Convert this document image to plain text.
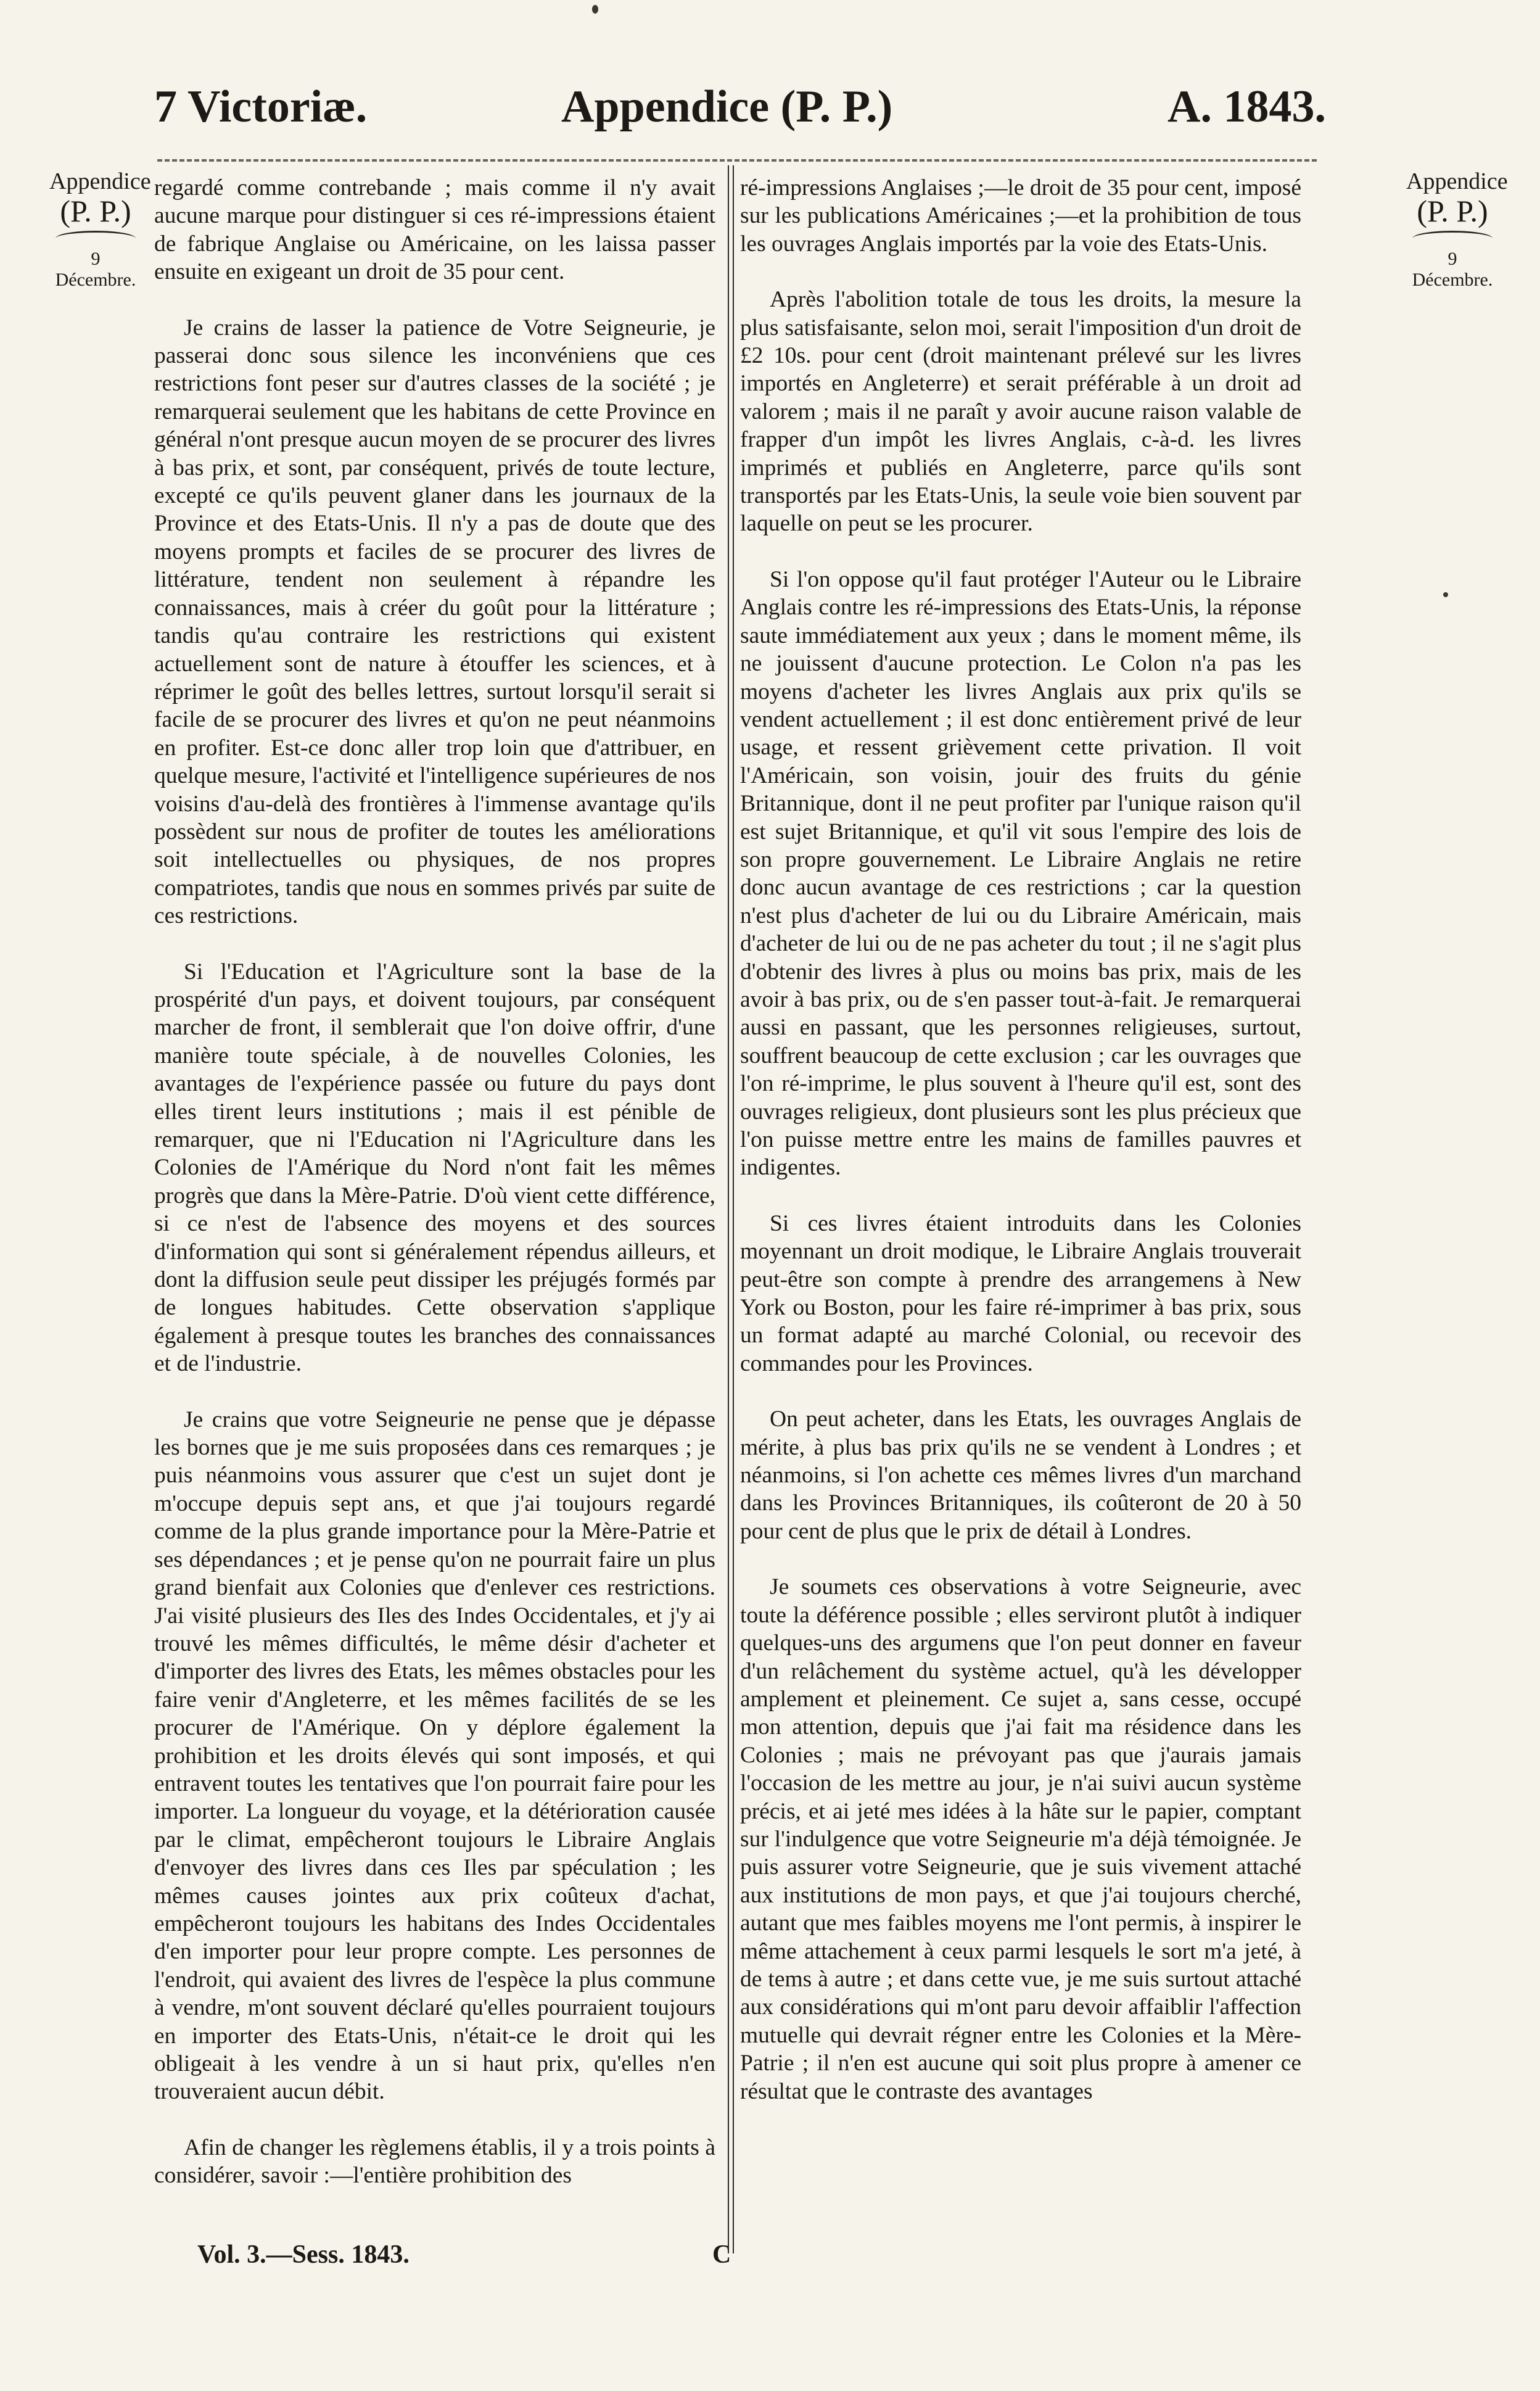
7 Victoriæ.	Appendice (P. P.)	A. 1843.
Appendice
(P. P.)
9 Décembre.
Appendice
(P. P.)
9 Décembre.

regardé comme contrebande ; mais comme il n'y avait aucune marque pour distinguer si ces ré-impressions étaient de fabrique Anglaise ou Américaine, on les laissa passer ensuite en exigeant un droit de 35 pour cent.

Je crains de lasser la patience de Votre Seigneurie, je passerai donc sous silence les inconvéniens que ces restrictions font peser sur d'autres classes de la société ; je remarquerai seulement que les habitans de cette Province en général n'ont presque aucun moyen de se procurer des livres à bas prix, et sont, par conséquent, privés de toute lecture, excepté ce qu'ils peuvent glaner dans les journaux de la Province et des Etats-Unis. Il n'y a pas de doute que des moyens prompts et faciles de se procurer des livres de littérature, tendent non seulement à répandre les connaissances, mais à créer du goût pour la littérature ; tandis qu'au contraire les restrictions qui existent actuellement sont de nature à étouffer les sciences, et à réprimer le goût des belles lettres, surtout lorsqu'il serait si facile de se procurer des livres et qu'on ne peut néanmoins en profiter. Est-ce donc aller trop loin que d'attribuer, en quelque mesure, l'activité et l'intelligence supérieures de nos voisins d'au-delà des frontières à l'immense avantage qu'ils possèdent sur nous de profiter de toutes les améliorations soit intellectuelles ou physiques, de nos propres compatriotes, tandis que nous en sommes privés par suite de ces restrictions.

Si l'Education et l'Agriculture sont la base de la prospérité d'un pays, et doivent toujours, par conséquent marcher de front, il semblerait que l'on doive offrir, d'une manière toute spéciale, à de nouvelles Colonies, les avantages de l'expérience passée ou future du pays dont elles tirent leurs institutions ; mais il est pénible de remarquer, que ni l'Education ni l'Agriculture dans les Colonies de l'Amérique du Nord n'ont fait les mêmes progrès que dans la Mère-Patrie. D'où vient cette différence, si ce n'est de l'absence des moyens et des sources d'information qui sont si généralement répendus ailleurs, et dont la diffusion seule peut dissiper les préjugés formés par de longues habitudes. Cette observation s'applique également à presque toutes les branches des connaissances et de l'industrie.

Je crains que votre Seigneurie ne pense que je dépasse les bornes que je me suis proposées dans ces remarques ; je puis néanmoins vous assurer que c'est un sujet dont je m'occupe depuis sept ans, et que j'ai toujours regardé comme de la plus grande importance pour la Mère-Patrie et ses dépendances ; et je pense qu'on ne pourrait faire un plus grand bienfait aux Colonies que d'enlever ces restrictions. J'ai visité plusieurs des Iles des Indes Occidentales, et j'y ai trouvé les mêmes difficultés, le même désir d'acheter et d'importer des livres des Etats, les mêmes obstacles pour les faire venir d'Angleterre, et les mêmes facilités de se les procurer de l'Amérique. On y déplore également la prohibition et les droits élevés qui sont imposés, et qui entravent toutes les tentatives que l'on pourrait faire pour les importer. La longueur du voyage, et la détérioration causée par le climat, empêcheront toujours le Libraire Anglais d'envoyer des livres dans ces Iles par spéculation ; les mêmes causes jointes aux prix coûteux d'achat, empêcheront toujours les habitans des Indes Occidentales d'en importer pour leur propre compte. Les personnes de l'endroit, qui avaient des livres de l'espèce la plus commune à vendre, m'ont souvent déclaré qu'elles pourraient toujours en importer des Etats-Unis, n'était-ce le droit qui les obligeait à les vendre à un si haut prix, qu'elles n'en trouveraient aucun débit.

Afin de changer les règlemens établis, il y a trois points à considérer, savoir :—l'entière prohibition des

ré-impressions Anglaises ;—le droit de 35 pour cent, imposé sur les publications Américaines ;—et la prohibition de tous les ouvrages Anglais importés par la voie des Etats-Unis.

Après l'abolition totale de tous les droits, la mesure la plus satisfaisante, selon moi, serait l'imposition d'un droit de £2 10s. pour cent (droit maintenant prélevé sur les livres importés en Angleterre) et serait préférable à un droit ad valorem ; mais il ne paraît y avoir aucune raison valable de frapper d'un impôt les livres Anglais, c-à-d. les livres imprimés et publiés en Angleterre, parce qu'ils sont transportés par les Etats-Unis, la seule voie bien souvent par laquelle on peut se les procurer.

Si l'on oppose qu'il faut protéger l'Auteur ou le Libraire Anglais contre les ré-impressions des Etats-Unis, la réponse saute immédiatement aux yeux ; dans le moment même, ils ne jouissent d'aucune protection. Le Colon n'a pas les moyens d'acheter les livres Anglais aux prix qu'ils se vendent actuellement ; il est donc entièrement privé de leur usage, et ressent grièvement cette privation. Il voit l'Américain, son voisin, jouir des fruits du génie Britannique, dont il ne peut profiter par l'unique raison qu'il est sujet Britannique, et qu'il vit sous l'empire des lois de son propre gouvernement. Le Libraire Anglais ne retire donc aucun avantage de ces restrictions ; car la question n'est plus d'acheter de lui ou du Libraire Américain, mais d'acheter de lui ou de ne pas acheter du tout ; il ne s'agit plus d'obtenir des livres à plus ou moins bas prix, mais de les avoir à bas prix, ou de s'en passer tout-à-fait. Je remarquerai aussi en passant, que les personnes religieuses, surtout, souffrent beaucoup de cette exclusion ; car les ouvrages que l'on ré-imprime, le plus souvent à l'heure qu'il est, sont des ouvrages religieux, dont plusieurs sont les plus précieux que l'on puisse mettre entre les mains de familles pauvres et indigentes.

Si ces livres étaient introduits dans les Colonies moyennant un droit modique, le Libraire Anglais trouverait peut-être son compte à prendre des arrangemens à New York ou Boston, pour les faire ré-imprimer à bas prix, sous un format adapté au marché Colonial, ou recevoir des commandes pour les Provinces.

On peut acheter, dans les Etats, les ouvrages Anglais de mérite, à plus bas prix qu'ils ne se vendent à Londres ; et néanmoins, si l'on achette ces mêmes livres d'un marchand dans les Provinces Britanniques, ils coûteront de 20 à 50 pour cent de plus que le prix de détail à Londres.

Je soumets ces observations à votre Seigneurie, avec toute la déférence possible ; elles serviront plutôt à indiquer quelques-uns des argumens que l'on peut donner en faveur d'un relâchement du système actuel, qu'à les développer amplement et pleinement. Ce sujet a, sans cesse, occupé mon attention, depuis que j'ai fait ma résidence dans les Colonies ; mais ne prévoyant pas que j'aurais jamais l'occasion de les mettre au jour, je n'ai suivi aucun système précis, et ai jeté mes idées à la hâte sur le papier, comptant sur l'indulgence que votre Seigneurie m'a déjà témoignée. Je puis assurer votre Seigneurie, que je suis vivement attaché aux institutions de mon pays, et que j'ai toujours cherché, autant que mes faibles moyens me l'ont permis, à inspirer le même attachement à ceux parmi lesquels le sort m'a jeté, à de tems à autre ; et dans cette vue, je me suis surtout attaché aux considérations qui m'ont paru devoir affaiblir l'affection mutuelle qui devrait régner entre les Colonies et la Mère-Patrie ; il n'en est aucune qui soit plus propre à amener ce résultat que le contraste des avantages

Vol. 3.—Sess. 1843.	C
